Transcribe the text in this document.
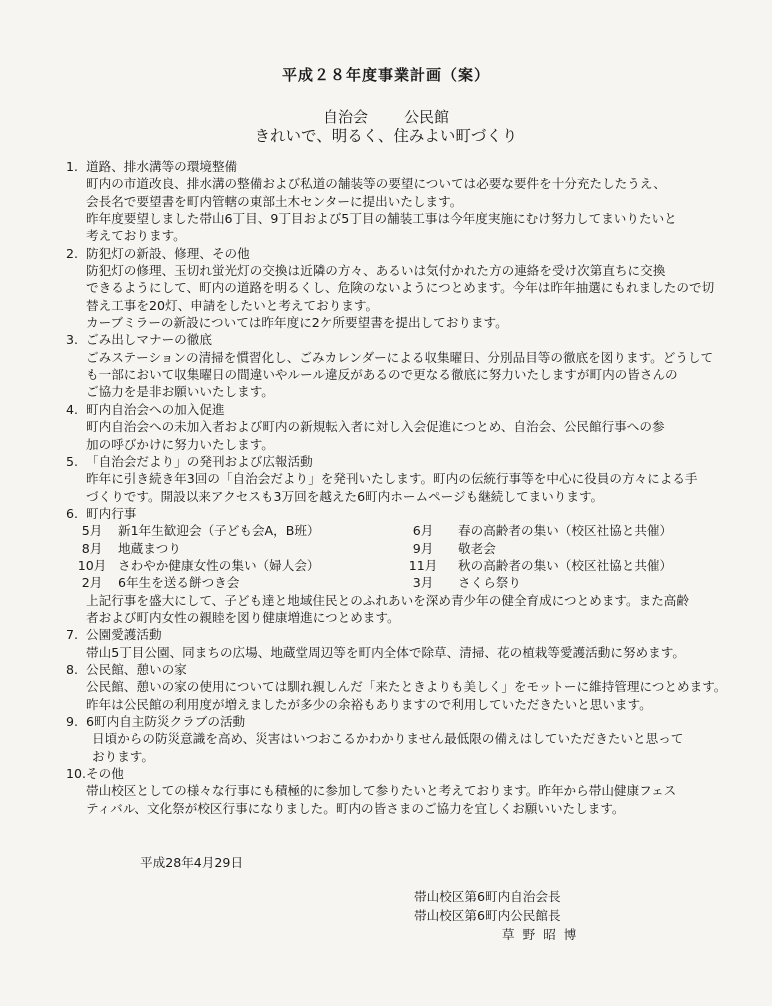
平成２８年度事業計画（案）
自治会 公民館
きれいで、明るく、住みよい町づくり
1. 道路、排水溝等の環境整備
町内の市道改良、排水溝の整備および私道の舗装等の要望については必要な要件を十分充たしたうえ、
会長名で要望書を町内管轄の東部土木センターに提出いたします。
昨年度要望しました帯山6丁目、9丁目および5丁目の舗装工事は今年度実施にむけ努力してまいりたいと
考えております。
2. 防犯灯の新設、修理、その他
防犯灯の修理、玉切れ蛍光灯の交換は近隣の方々、あるいは気付かれた方の連絡を受け次第直ちに交換
できるようにして、町内の道路を明るくし、危険のないようにつとめます。今年は昨年抽選にもれましたので切
替え工事を20灯、申請をしたいと考えております。
カーブミラーの新設については昨年度に2ケ所要望書を提出しております。
3. ごみ出しマナーの徹底
ごみステーションの清掃を慣習化し、ごみカレンダーによる収集曜日、分別品目等の徹底を図ります。どうして
も一部において収集曜日の間違いやルール違反があるので更なる徹底に努力いたしますが町内の皆さんの
ご協力を是非お願いいたします。
4. 町内自治会への加入促進
町内自治会への未加入者および町内の新規転入者に対し入会促進につとめ、自治会、公民館行事への参
加の呼びかけに努力いたします。
5. 「自治会だより」の発刊および広報活動
昨年に引き続き年3回の「自治会だより」を発刊いたします。町内の伝統行事等を中心に役員の方々による手
づくりです。開設以来アクセスも3万回を越えた6町内ホームページも継続してまいります。
6. 町内行事
5月	新1年生歓迎会（子ども会A，B班）	6月	春の高齢者の集い（校区社協と共催）
8月	地蔵まつり	9月	敬老会
10月 さわやか健康女性の集い（婦人会）	11月	秋の高齢者の集い（校区社協と共催）
2月	6年生を送る餅つき会	3月	さくら祭り
上記行事を盛大にして、子ども達と地域住民とのふれあいを深め青少年の健全育成につとめます。また高齢
者および町内女性の親睦を図り健康増進につとめます。
7. 公園愛護活動
帯山5丁目公園、同まちの広場、地蔵堂周辺等を町内全体で除草、清掃、花の植栽等愛護活動に努めます。
8. 公民館、憩いの家
公民館、憩いの家の使用については馴れ親しんだ「来たときよりも美しく」をモットーに維持管理につとめます。
昨年は公民館の利用度が増えましたが多少の余裕もありますので利用していただきたいと思います。
9. 6町内自主防災クラブの活動
日頃からの防災意識を高め、災害はいつおこるかわかりません最低限の備えはしていただきたいと思って
おります。
10.その他
帯山校区としての様々な行事にも積極的に参加して参りたいと考えております。昨年から帯山健康フェス
ティバル、文化祭が校区行事になりました。町内の皆さまのご協力を宜しくお願いいたします。
平成28年4月29日
帯山校区第6町内自治会長
帯山校区第6町内公民館長
草野昭博
